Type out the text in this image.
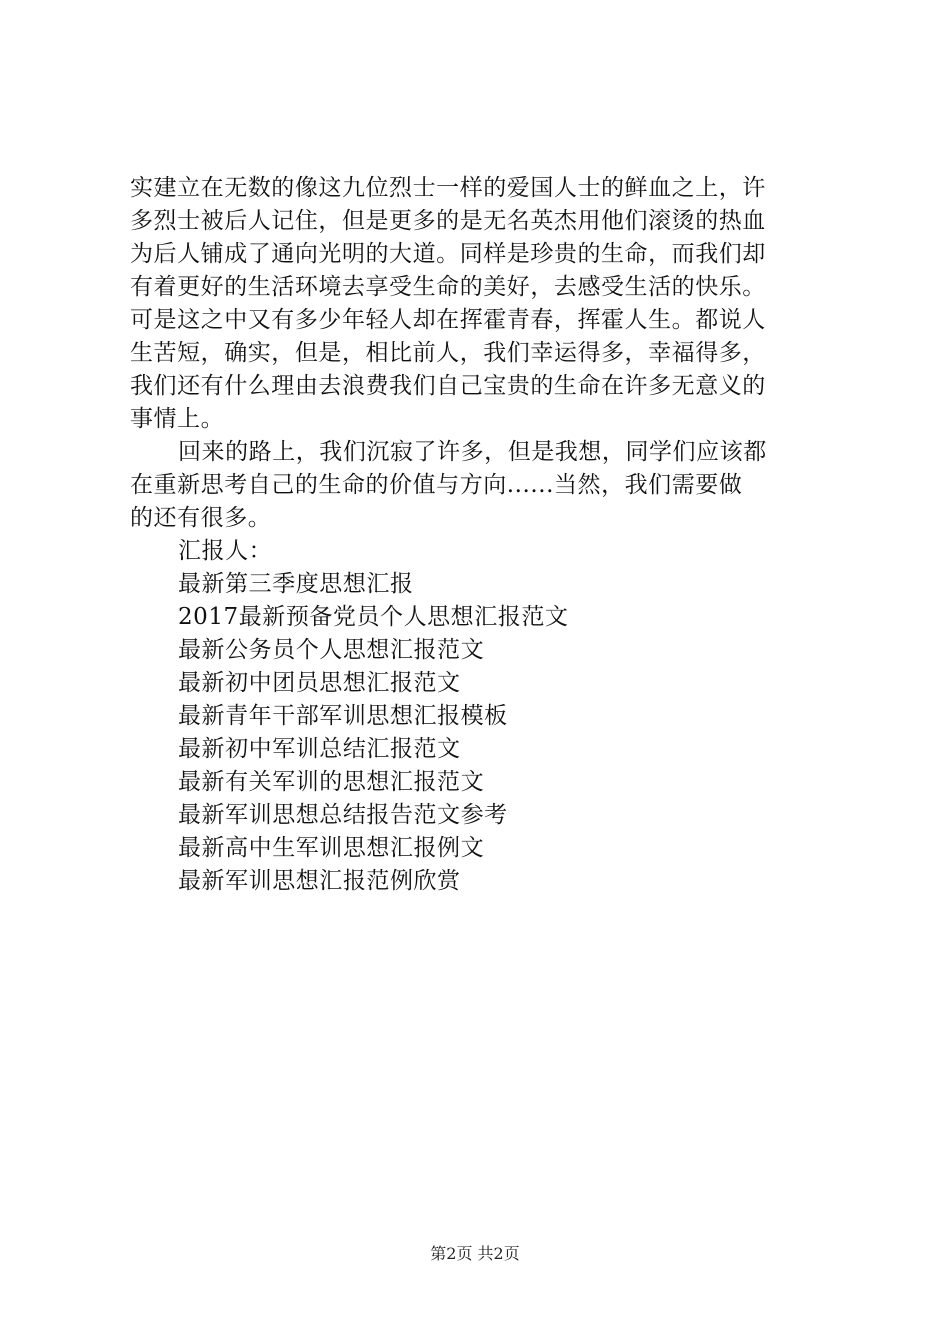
实建立在无数的像这九位烈士一样的爱国人士的鲜血之上，许
多烈士被后人记住，但是更多的是无名英杰用他们滚烫的热血
为后人铺成了通向光明的大道。同样是珍贵的生命，而我们却
有着更好的生活环境去享受生命的美好，去感受生活的快乐。
可是这之中又有多少年轻人却在挥霍青春，挥霍人生。都说人
生苦短，确实，但是，相比前人，我们幸运得多，幸福得多，
我们还有什么理由去浪费我们自己宝贵的生命在许多无意义的
事情上。
回来的路上，我们沉寂了许多，但是我想，同学们应该都
在重新思考自己的生命的价值与方向......当然，我们需要做
的还有很多。
汇报人：
最新第三季度思想汇报
2017最新预备党员个人思想汇报范文
最新公务员个人思想汇报范文
最新初中团员思想汇报范文
最新青年干部军训思想汇报模板
最新初中军训总结汇报范文
最新有关军训的思想汇报范文
最新军训思想总结报告范文参考
最新高中生军训思想汇报例文
最新军训思想汇报范例欣赏
第2页 共2页
